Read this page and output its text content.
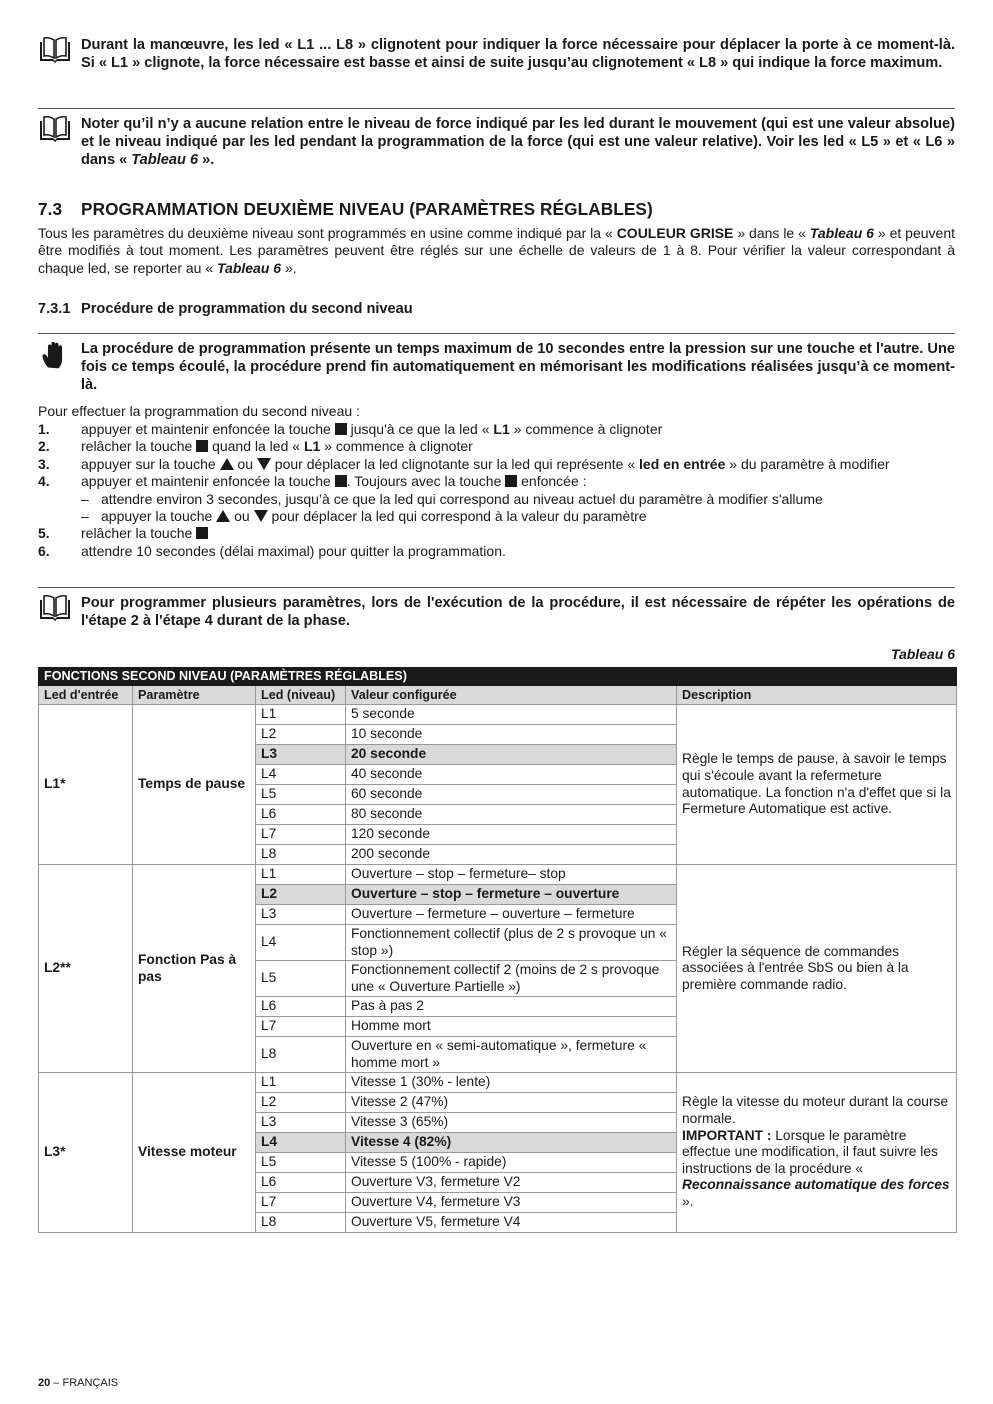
Durant la manœuvre, les led « L1 ... L8 » clignotent pour indiquer la force nécessaire pour déplacer la porte à ce moment-là. Si « L1 » clignote, la force nécessaire est basse et ainsi de suite jusqu’au clignotement « L8 » qui indique la force maximum.
Noter qu’il n’y a aucune relation entre le niveau de force indiqué par les led durant le mouvement (qui est une valeur absolue) et le niveau indiqué par les led pendant la programmation de la force (qui est une valeur relative). Voir les led « L5 » et « L6 » dans « Tableau 6 ».
7.3 PROGRAMMATION DEUXIÈME NIVEAU (PARAMÈTRES RÉGLABLES)

Tous les paramètres du deuxième niveau sont programmés en usine comme indiqué par la « COULEUR GRISE » dans le « Tableau 6 » et peuvent être modifiés à tout moment. Les paramètres peuvent être réglés sur une échelle de valeurs de 1 à 8. Pour vérifier la valeur correspondant à chaque led, se reporter au « Tableau 6 ».

7.3.1 Procédure de programmation du second niveau
La procédure de programmation présente un temps maximum de 10 secondes entre la pression sur une touche et l'autre. Une fois ce temps écoulé, la procédure prend fin automatiquement en mémorisant les modifications réalisées jusqu’à ce moment-là.
Pour effectuer la programmation du second niveau :
1.	appuyer et maintenir enfoncée la touche  jusqu'à ce que la led « L1 » commence à clignoter
2.	relâcher la touche  quand la led « L1 » commence à clignoter
3.	appuyer sur la touche  ou  pour déplacer la led clignotante sur la led qui représente « led en entrée » du paramètre à modifier
4.	appuyer et maintenir enfoncée la touche . Toujours avec la touche  enfoncée :
– attendre environ 3 secondes, jusqu’à ce que la led qui correspond au niveau actuel du paramètre à modifier s'allume
– appuyer la touche  ou  pour déplacer la led qui correspond à la valeur du paramètre
5.	relâcher la touche
6.	attendre 10 secondes (délai maximal) pour quitter la programmation.
Pour programmer plusieurs paramètres, lors de l'exécution de la procédure, il est nécessaire de répéter les opérations de l'étape 2 à l'étape 4 durant de la phase.
Tableau 6
FONCTIONS SECOND NIVEAU (PARAMÈTRES RÉGLABLES)				
Led d'entrée	Paramètre	Led (niveau)	Valeur configurée	Description
L1*	Temps de pause	L1	5 seconde	Règle le temps de pause, à savoir le temps qui s'écoule avant la refermeture automatique. La fonction n'a d'effet que si la Fermeture Automatique est active.
		L2	10 seconde	
		L3	20 seconde	
		L4	40 seconde	
		L5	60 seconde	
		L6	80 seconde	
		L7	120 seconde	
		L8	200 seconde	
L2**	Fonction Pas à pas	L1	Ouverture – stop – fermeture– stop	Régler la séquence de commandes associées à l'entrée SbS ou bien à la première commande radio.
		L2	Ouverture – stop – fermeture – ouverture	
		L3	Ouverture – fermeture – ouverture – fermeture	
		L4	Fonctionnement collectif (plus de 2 s provoque un « stop »)	
		L5	Fonctionnement collectif 2 (moins de 2 s provoque une « Ouverture Partielle »)	
		L6	Pas à pas 2	
		L7	Homme mort	
		L8	Ouverture en « semi-automatique », fermeture « homme mort »	
L3*	Vitesse moteur	L1	Vitesse 1 (30% - lente)	Règle la vitesse du moteur durant la course normale.
IMPORTANT : Lorsque le paramètre effectue une modification, il faut suivre les instructions de la procédure « Reconnaissance automatique des forces ».
		L2	Vitesse 2 (47%)	
		L3	Vitesse 3 (65%)	
		L4	Vitesse 4 (82%)	
		L5	Vitesse 5 (100% - rapide)	
		L6	Ouverture V3, fermeture V2	
		L7	Ouverture V4, fermeture V3	
		L8	Ouverture V5, fermeture V4	
20 – FRANÇAIS
